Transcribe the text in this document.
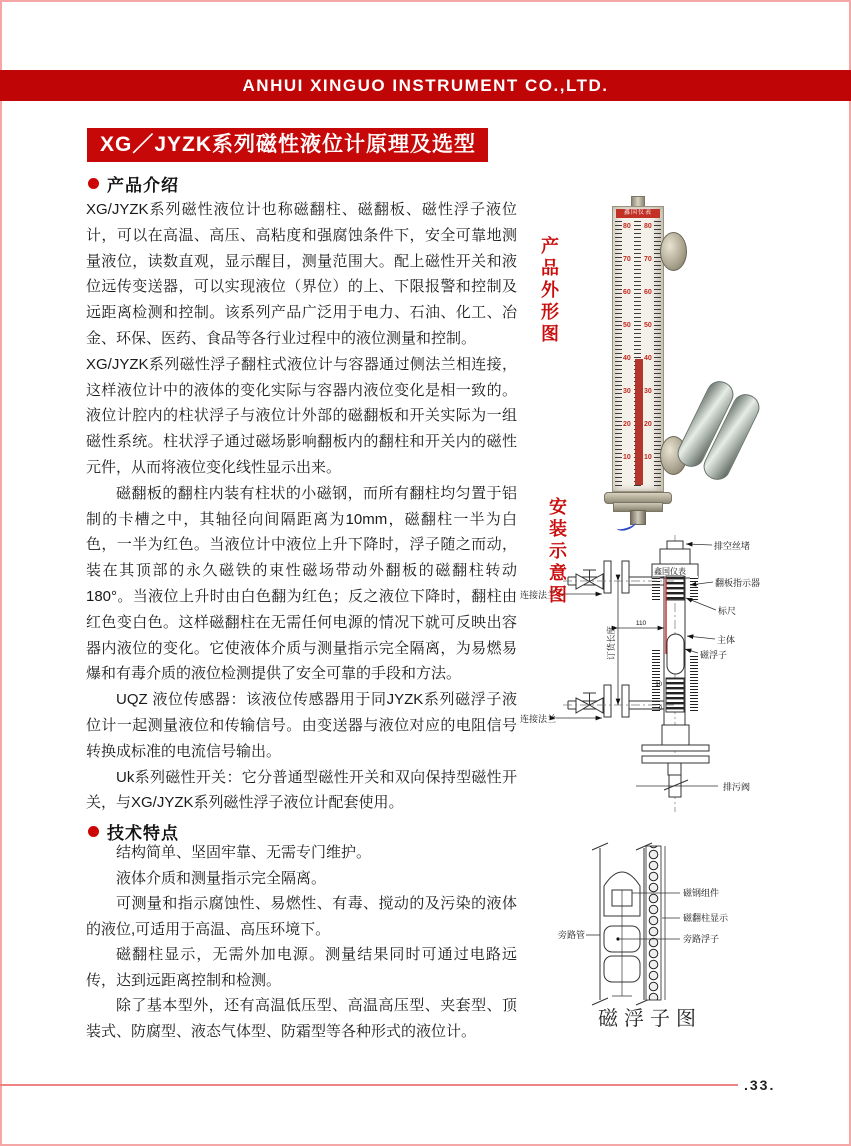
ANHUI XINGUO INSTRUMENT CO.,LTD.
XG／JYZK系列磁性液位计原理及选型
产品介绍

XG/JYZK系列磁性液位计也称磁翻柱、磁翻板、磁性浮子液位计，可以在高温、高压、高粘度和强腐蚀条件下，安全可靠地测量液位，读数直观，显示醒目，测量范围大。配上磁性开关和液位远传变送器，可以实现液位（界位）的上、下限报警和控制及远距离检测和控制。该系列产品广泛用于电力、石油、化工、冶金、环保、医药、食品等各行业过程中的液位测量和控制。

XG/JYZK系列磁性浮子翻柱式液位计与容器通过侧法兰相连接，这样液位计中的液体的变化实际与容器内液位变化是相一致的。液位计腔内的柱状浮子与液位计外部的磁翻板和开关实际为一组磁性系统。柱状浮子通过磁场影响翻板内的翻柱和开关内的磁性元件，从而将液位变化线性显示出来。

磁翻板的翻柱内装有柱状的小磁钢，而所有翻柱均匀置于铝制的卡槽之中，其轴径向间隔距离为10mm，磁翻柱一半为白色，一半为红色。当液位计中液位上升下降时，浮子随之而动，装在其顶部的永久磁铁的束性磁场带动外翻板的磁翻柱转动180°。当液位上升时由白色翻为红色；反之液位下降时，翻柱由红色变白色。这样磁翻柱在无需任何电源的情况下就可反映出容器内液位的变化。它使液体介质与测量指示完全隔离，为易燃易爆和有毒介质的液位检测提供了安全可靠的手段和方法。

UQZ 液位传感器：该液位传感器用于同JYZK系列磁浮子液位计一起测量液位和传输信号。由变送器与液位对应的电阻信号转换成标准的电流信号输出。

Uk系列磁性开关：它分普通型磁性开关和双向保持型磁性开关，与XG/JYZK系列磁性浮子液位计配套使用。

技术特点

结构简单、坚固牢靠、无需专门维护。

液体介质和测量指示完全隔离。

可测量和指示腐蚀性、易燃性、有毒、搅动的及污染的液体的液位,可适用于高温、高压环境下。

磁翻柱显示，无需外加电源。测量结果同时可通过电路远传，达到远距离控制和检测。

除了基本型外，还有高温低压型、高温高压型、夹套型、顶装式、防腐型、液态气体型、防霜型等各种形式的液位计。

产品外形图
安装示意图
鑫国仪表
80
70
60
50
40
30
20
10
80
70
60
50
40
30
20
10
鑫国仪表
排空丝堵
翻板指示器
标尺
主体
磁浮子
排污阀
连接法兰
连接法兰
订货长度
110
10
0
磁钢组件
磁翻柱显示
旁路浮子
旁路管
磁浮子图
.33.
